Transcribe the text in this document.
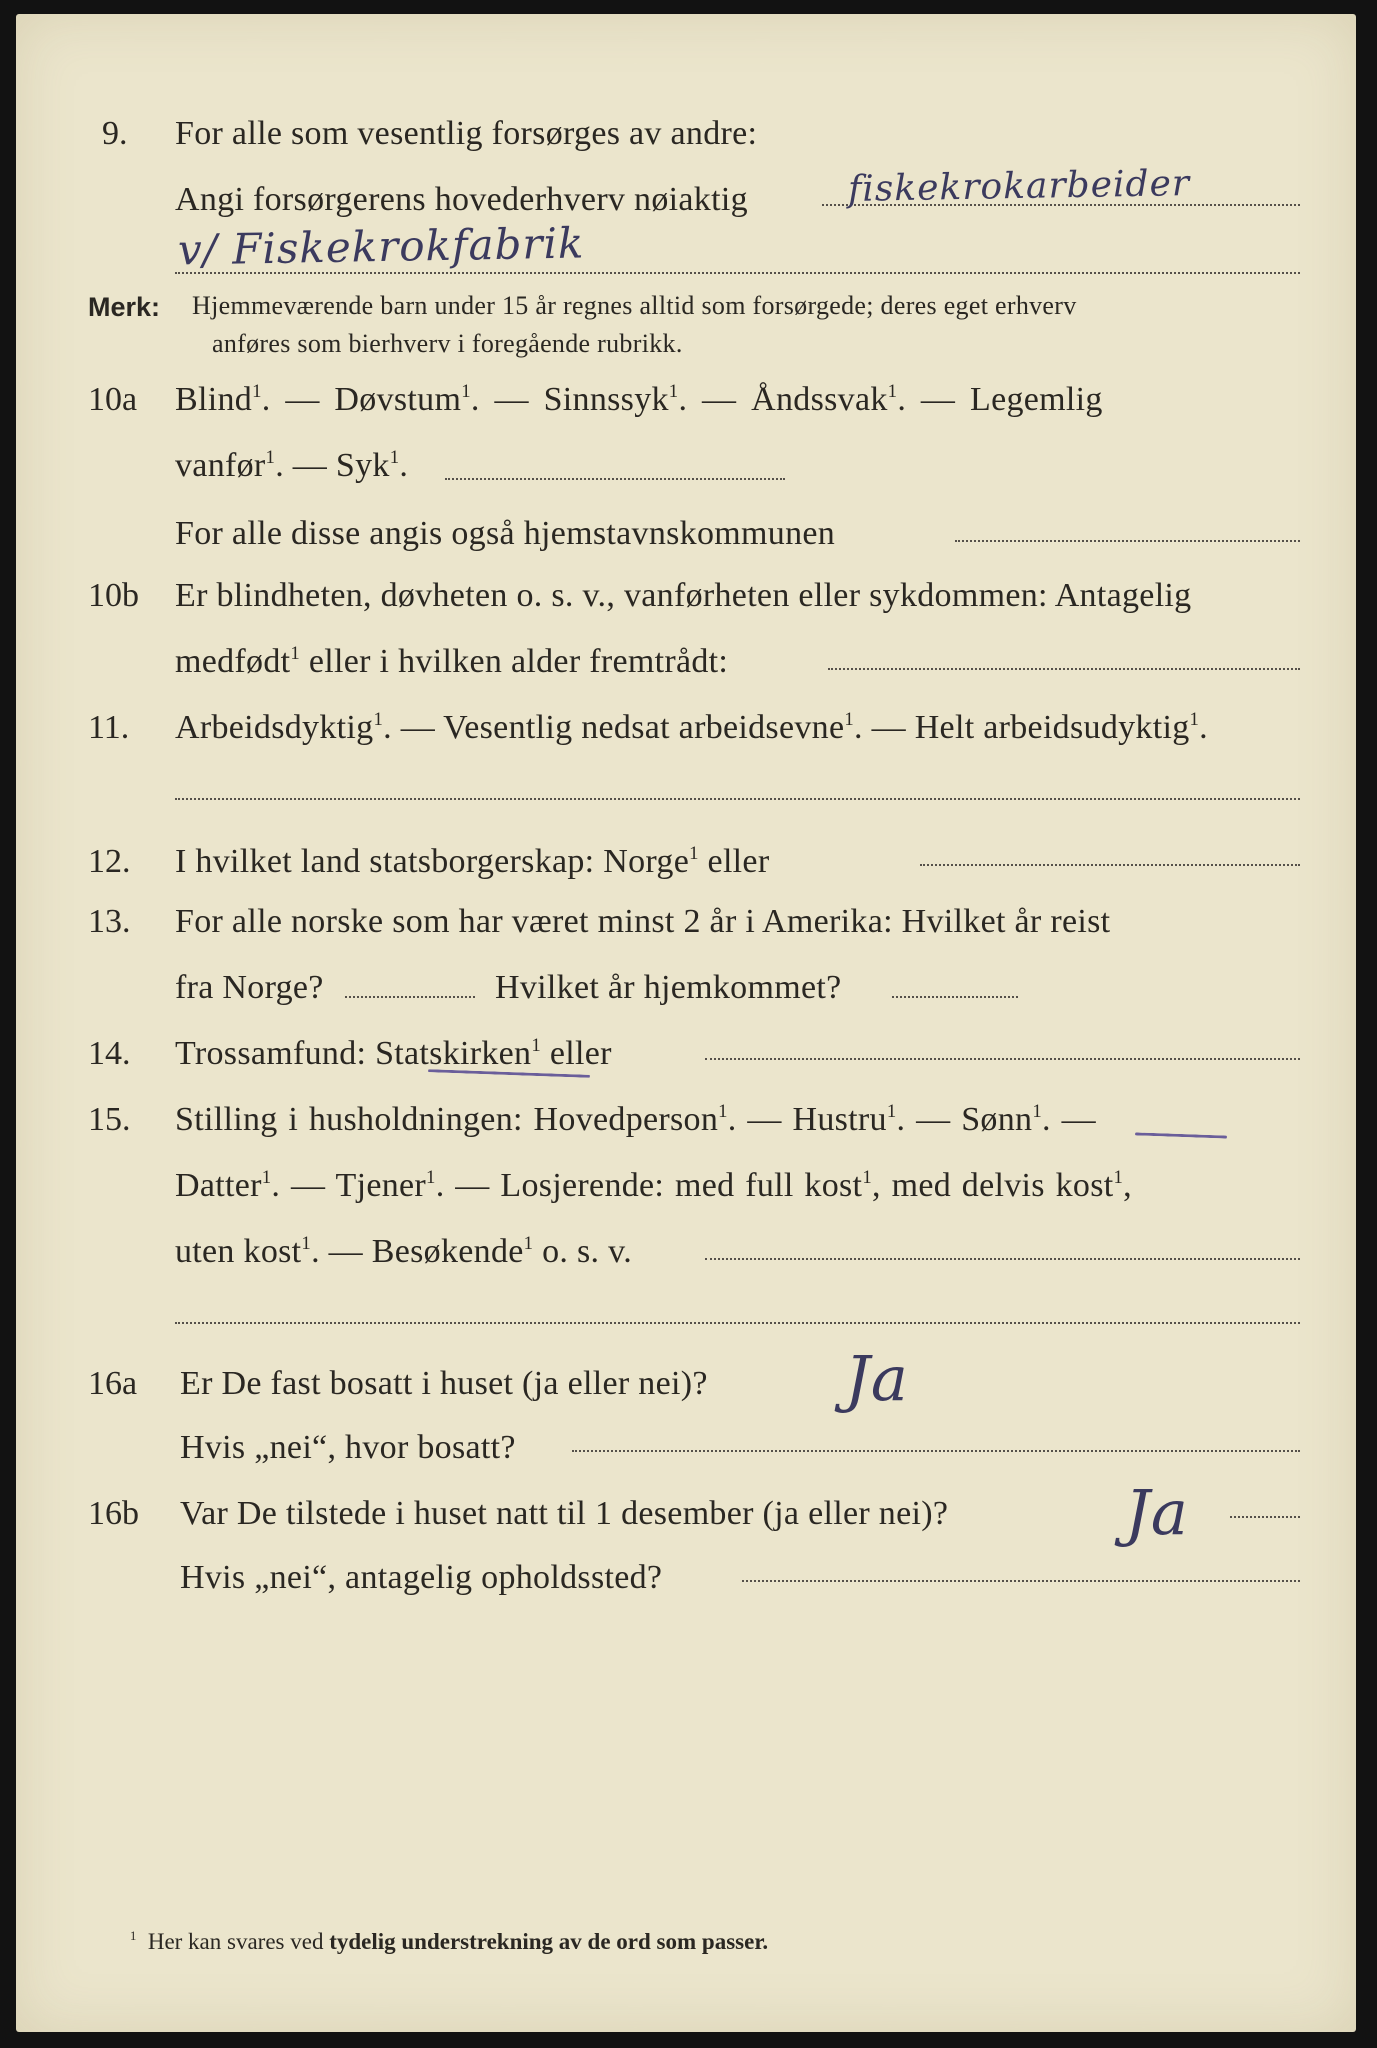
9. For alle som vesentlig forsørges av andre:
Angi forsørgerens hovederhverv nøiaktig	fiskekrokarbeider
v/ Fiskekrokfabrik
Merk: Hjemmeværende barn under 15 år regnes alltid som forsørgede; deres eget erhverv
anføres som bierhverv i foregående rubrikk.
10a Blind$^1$. — Døvstum$^1$. — Sinnssyk$^1$. — Åndssvak$^1$. — Legemlig
vanfør$^1$. — Syk$^1$.
For alle disse angis også hjemstavnskommunen
10b Er blindheten, døvheten o. s. v., vanførheten eller sykdommen: Antagelig
medfødt$^1$ eller i hvilken alder fremtrådt:
11. Arbeidsdyktig$^1$. — Vesentlig nedsat arbeidsevne$^1$. — Helt arbeidsudyktig$^1$.
12. I hvilket land statsborgerskap: Norge$^1$ eller
13. For alle norske som har været minst 2 år i Amerika: Hvilket år reist
fra Norge?	Hvilket år hjemkommet?
14. Trossamfund: Statskirken$^1$ eller
15. Stilling i husholdningen: Hovedperson$^1$. — Hustru$^1$. — Sønn$^1$. —
Datter$^1$. — Tjener$^1$. — Losjerende: med full kost$^1$, med delvis kost$^1$,
uten kost$^1$. — Besøkende$^1$ o. s. v.
16a Er De fast bosatt i huset (ja eller nei)? Ja
Hvis „nei“, hvor bosatt?
16b Var De tilstede i huset natt til 1 desember (ja eller nei)?	Ja
Hvis „nei“, antagelig opholdssted?
$^1$ Her kan svares ved tydelig understrekning av de ord som passer.
